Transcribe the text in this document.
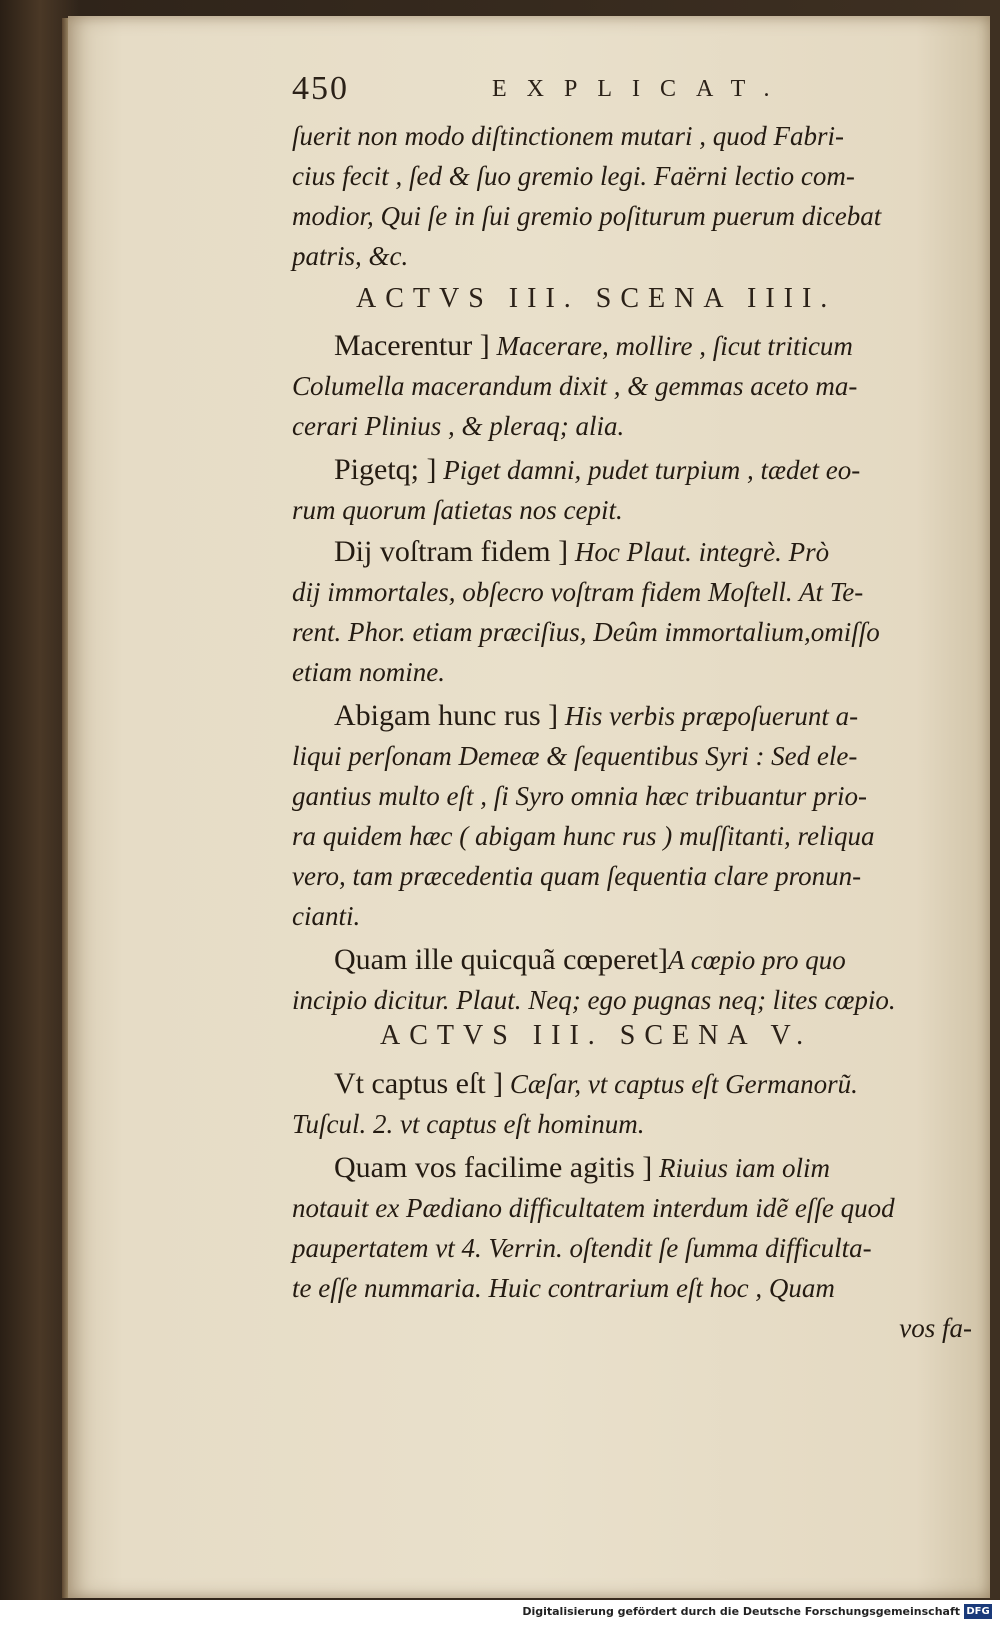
450	EXPLICAT.
ſuerit non modo diſtinctionem mutari , quod Fabri-
cius fecit , ſed & ſuo gremio legi. Faërni lectio com-
modior, Qui ſe in ſui gremio poſiturum puerum dicebat
patris, &c.
ACTVS III. SCENA IIII.
Macerentur ] Macerare, mollire , ſicut triticum
Columella macerandum dixit , & gemmas aceto ma-
cerari Plinius , & pleraq; alia.
Pigetq; ] Piget damni, pudet turpium , tædet eo-
rum quorum ſatietas nos cepit.
Dij voſtram fidem ] Hoc Plaut. integrè. Prò
dij immortales, obſecro voſtram fidem Moſtell. At Te-
rent. Phor. etiam præciſius, Deûm immortalium,omiſſo
etiam nomine.
Abigam hunc rus ] His verbis præpoſuerunt a-
liqui perſonam Demeæ & ſequentibus Syri : Sed ele-
gantius multo eſt , ſi Syro omnia hæc tribuantur prio-
ra quidem hæc ( abigam hunc rus ) muſſitanti, reliqua
vero, tam præcedentia quam ſequentia clare pronun-
cianti.
Quam ille quicquã cœperet]A cœpio pro quo
incipio dicitur. Plaut. Neq; ego pugnas neq; lites cœpio.
ACTVS III. SCENA V.
Vt captus eſt ] Cæſar, vt captus eſt Germanorũ.
Tuſcul. 2. vt captus eſt hominum.
Quam vos facilime agitis ] Riuius iam olim
notauit ex Pædiano difficultatem interdum idẽ eſſe quod
paupertatem vt 4. Verrin. oſtendit ſe ſumma difficulta-
te eſſe nummaria. Huic contrarium eſt hoc , Quam
vos fa-
Digitalisierung gefördert durch die Deutsche Forschungsgemeinschaft DFG
